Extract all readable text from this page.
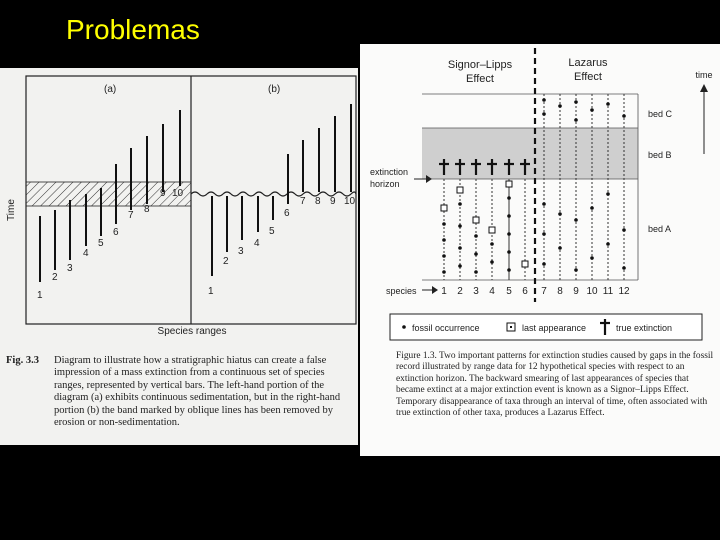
Problemas
(a)	(b)
Time
Species ranges
1
2
3
4
5
6
7
8
9 10
1
2
3
4
5
6
7 8 9 10
Fig. 3.3 Diagram to illustrate how a stratigraphic hiatus can create a false impression of a mass extinction from a continuous set of species ranges, represented by vertical bars. The left-hand portion of the diagram (a) exhibits continuous sedimentation, but in the right-hand portion (b) the band marked by oblique lines has been removed by erosion or non-sedimentation.
Signor–Lipps
Effect
Lazarus
Effect	time
bed C
bed B
bed A
extinction
horizon
species 1 2 3 4 5 6 7 8 9 10 11 12
fossil occurrence	last appearance	true extinction
Figure 1.3. Two important patterns for extinction studies caused by gaps in the fossil record illustrated by range data for 12 hypothetical species with respect to an extinction horizon. The backward smearing of last appearances of species that became extinct at a major extinction event is known as a Signor–Lipps Effect. Temporary disappearance of taxa through an interval of time, often associated with true extinction of other taxa, produces a Lazarus Effect.
